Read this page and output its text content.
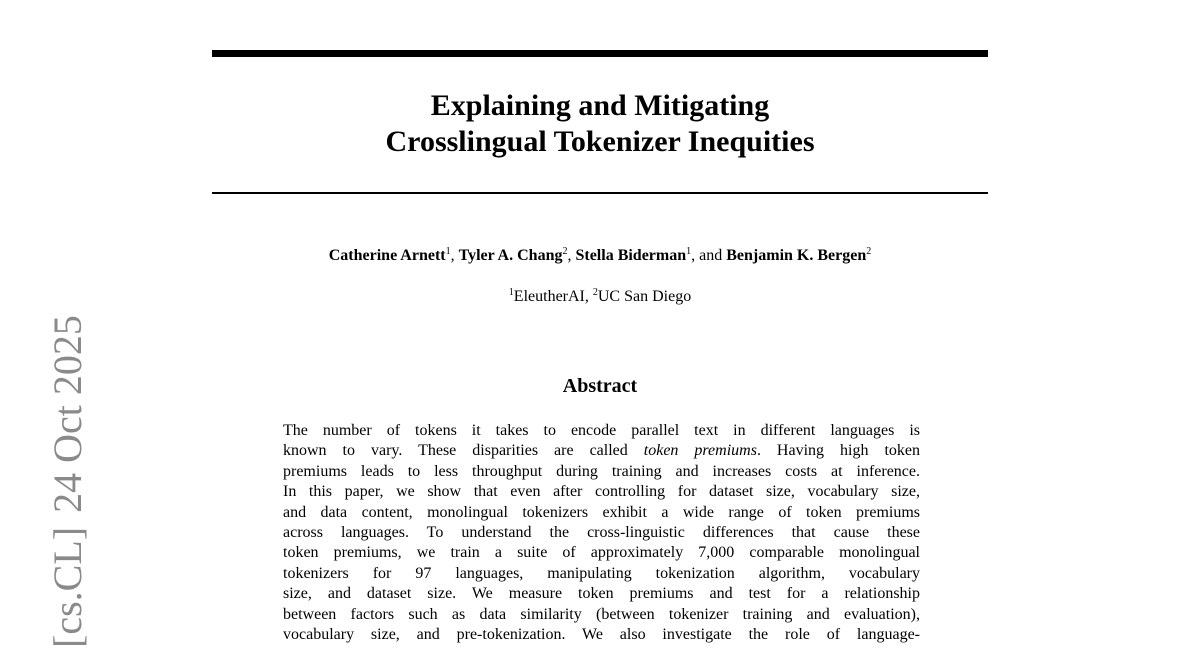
Explaining and Mitigating
Crosslingual Tokenizer Inequities
Catherine Arnett$^1$, Tyler A. Chang$^2$, Stella Biderman$^1$, and Benjamin K. Bergen$^2$
$^1$EleutherAI, $^2$UC San Diego
Abstract
The number of tokens it takes to encode parallel text in different languages is
known to vary. These disparities are called token premiums. Having high token
premiums leads to less throughput during training and increases costs at inference.
In this paper, we show that even after controlling for dataset size, vocabulary size,
and data content, monolingual tokenizers exhibit a wide range of token premiums
across languages. To understand the cross-linguistic differences that cause these
token premiums, we train a suite of approximately 7,000 comparable monolingual
tokenizers for 97 languages, manipulating tokenization algorithm, vocabulary
size, and dataset size. We measure token premiums and test for a relationship
between factors such as data similarity (between tokenizer training and evaluation),
vocabulary size, and pre-tokenization. We also investigate the role of language-
[cs.CL]24 Oct 2025
